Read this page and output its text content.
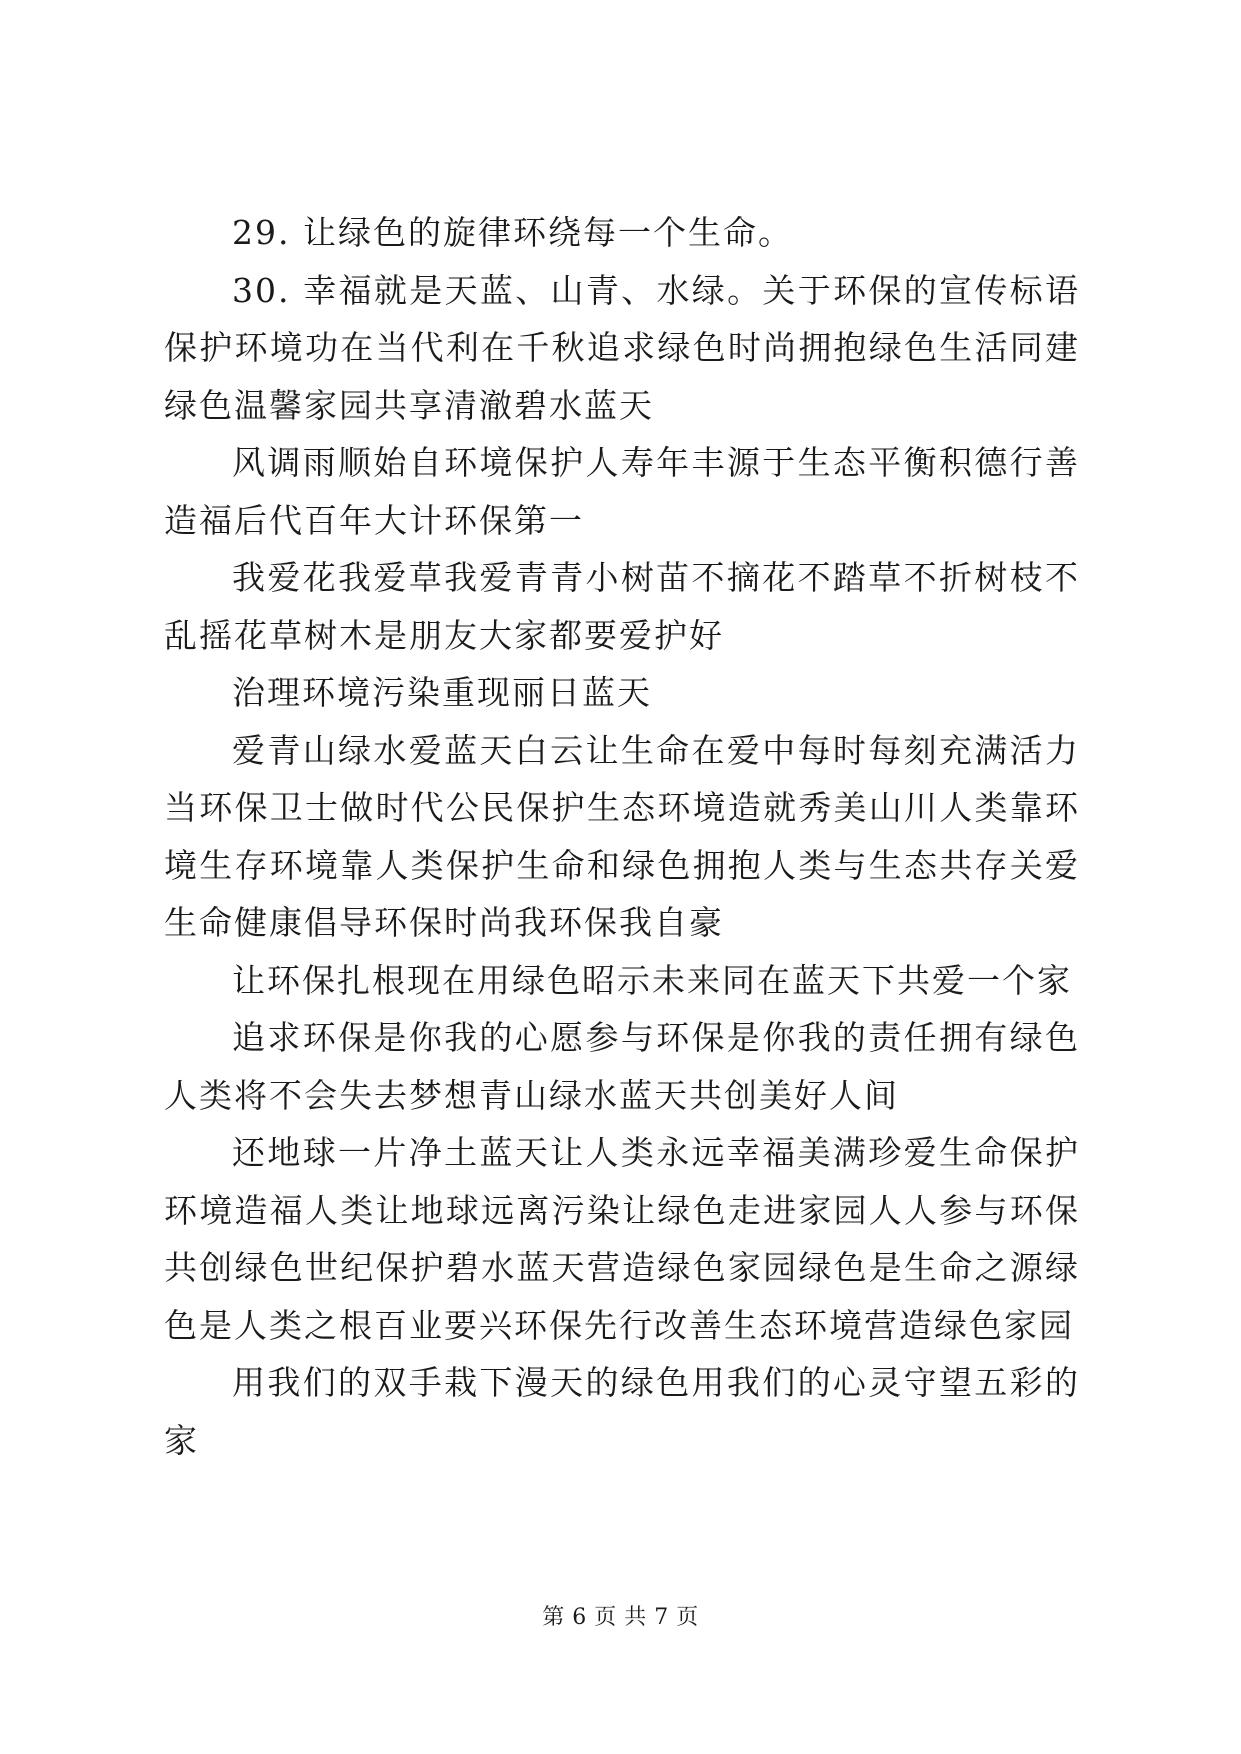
29. 让绿色的旋律环绕每一个生命。

30. 幸福就是天蓝、山青、水绿。关于环保的宣传标语保护环境功在当代利在千秋追求绿色时尚拥抱绿色生活同建绿色温馨家园共享清澈碧水蓝天

风调雨顺始自环境保护人寿年丰源于生态平衡积德行善造福后代百年大计环保第一

我爱花我爱草我爱青青小树苗不摘花不踏草不折树枝不乱摇花草树木是朋友大家都要爱护好

治理环境污染重现丽日蓝天

爱青山绿水爱蓝天白云让生命在爱中每时每刻充满活力当环保卫士做时代公民保护生态环境造就秀美山川人类靠环境生存环境靠人类保护生命和绿色拥抱人类与生态共存关爱生命健康倡导环保时尚我环保我自豪

让环保扎根现在用绿色昭示未来同在蓝天下共爱一个家

追求环保是你我的心愿参与环保是你我的责任拥有绿色人类将不会失去梦想青山绿水蓝天共创美好人间

还地球一片净土蓝天让人类永远幸福美满珍爱生命保护环境造福人类让地球远离污染让绿色走进家园人人参与环保共创绿色世纪保护碧水蓝天营造绿色家园绿色是生命之源绿色是人类之根百业要兴环保先行改善生态环境营造绿色家园

用我们的双手栽下漫天的绿色用我们的心灵守望五彩的家

第 6 页 共 7 页
